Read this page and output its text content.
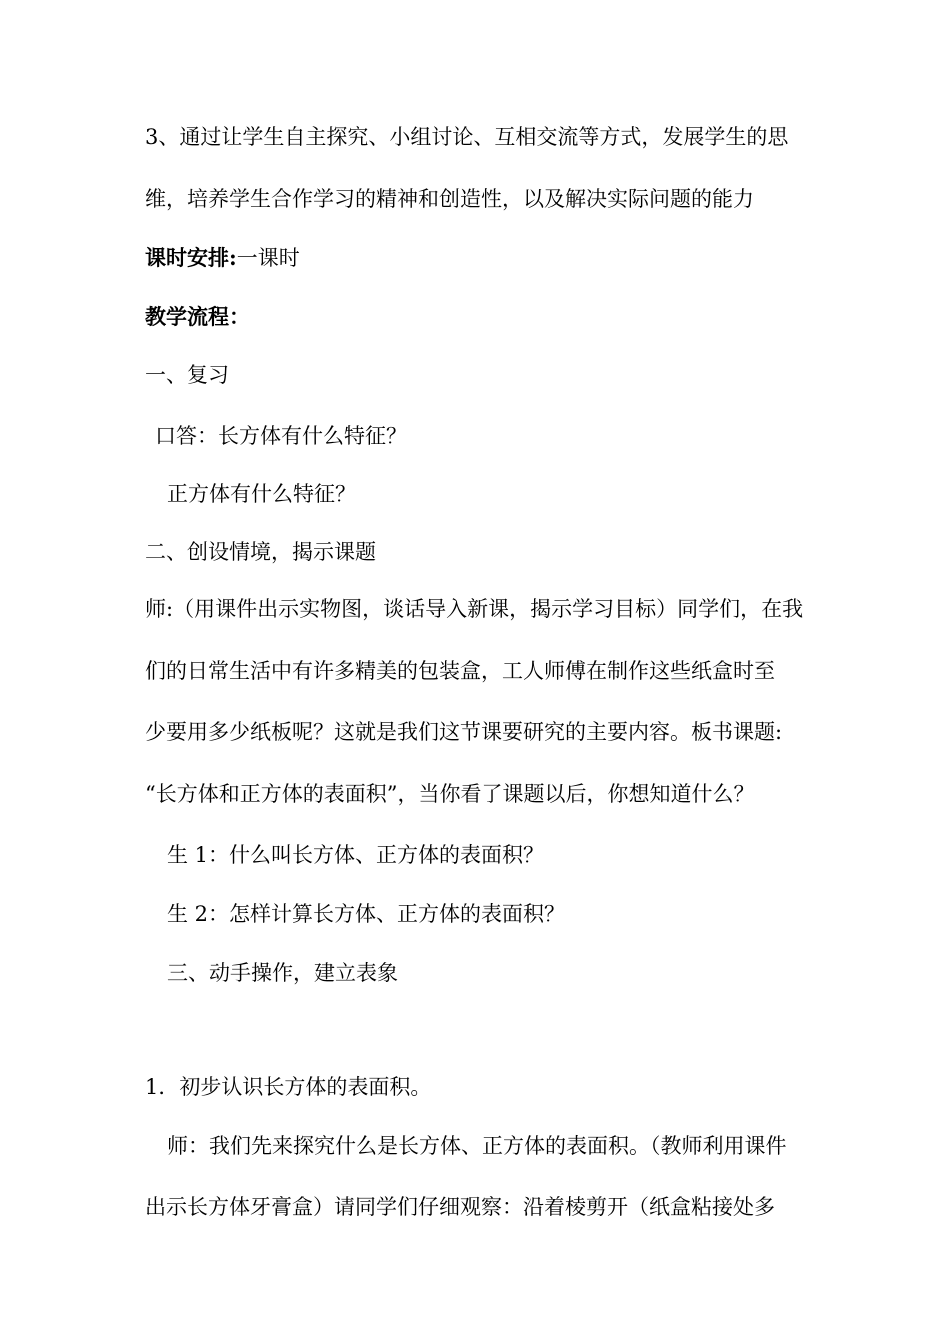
3、通过让学生自主探究、小组讨论、互相交流等方式，发展学生的思
维，培养学生合作学习的精神和创造性，以及解决实际问题的能力
课时安排:一课时
教学流程：
一、复习
口答：长方体有什么特征？
正方体有什么特征？
二、创设情境，揭示课题
师:（用课件出示实物图，谈话导入新课，揭示学习目标）同学们，在我
们的日常生活中有许多精美的包装盒，工人师傅在制作这些纸盒时至
少要用多少纸板呢？这就是我们这节课要研究的主要内容。板书课题:
“长方体和正方体的表面积”，当你看了课题以后，你想知道什么？
生 1：什么叫长方体、正方体的表面积？
生 2：怎样计算长方体、正方体的表面积？
三、动手操作，建立表象
1．初步认识长方体的表面积。
师：我们先来探究什么是长方体、正方体的表面积。（教师利用课件
出示长方体牙膏盒）请同学们仔细观察：沿着棱剪开（纸盒粘接处多
